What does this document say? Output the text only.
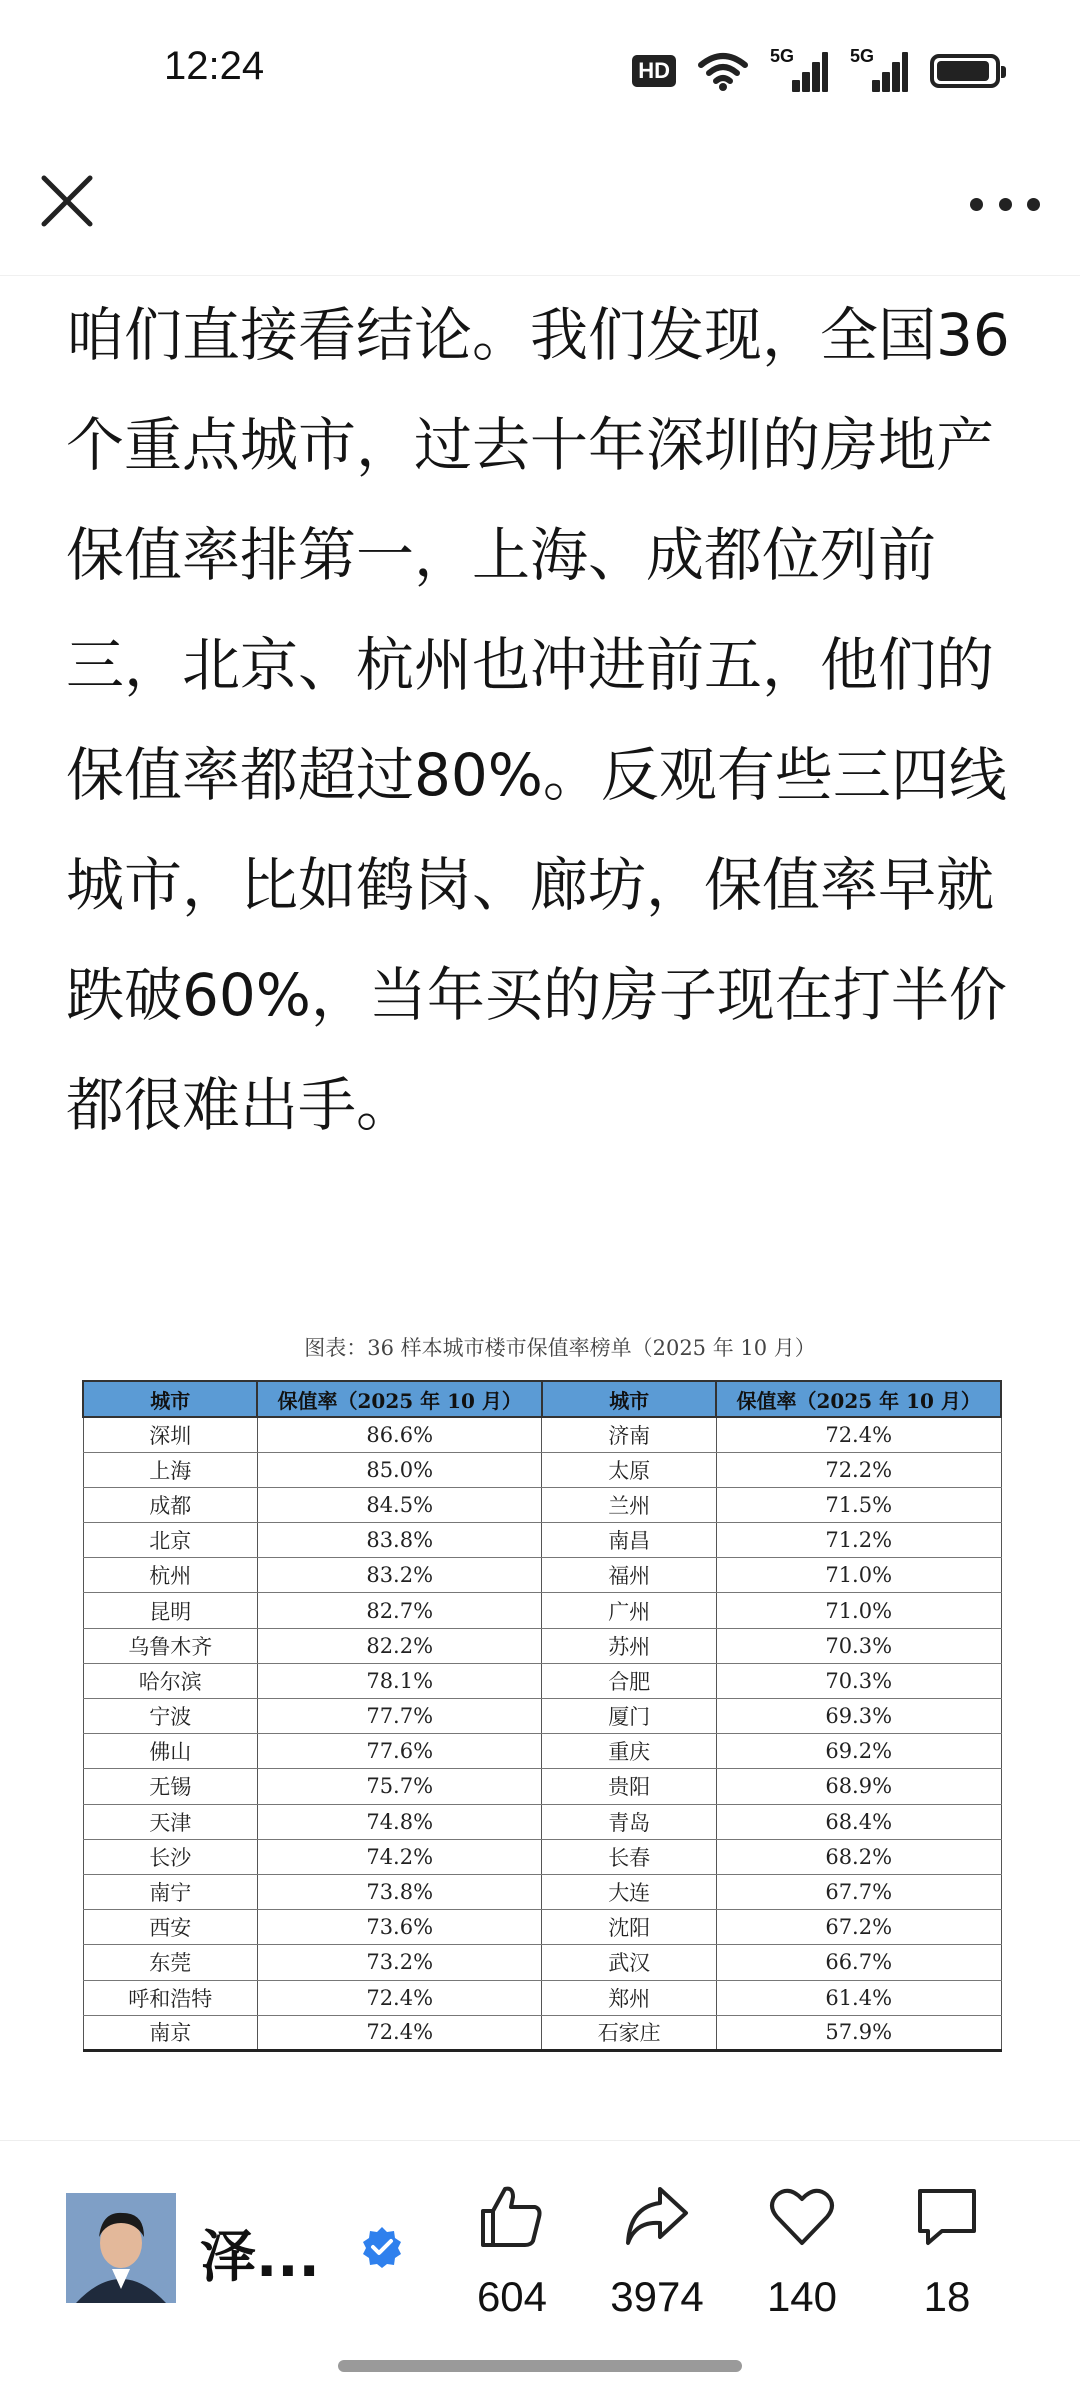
12:24	HD
5G	5G

咱们直接看结论。我们发现，全国36个重点城市，过去十年深圳的房地产保值率排第一，上海、成都位列前三，北京、杭州也冲进前五，他们的保值率都超过80%。反观有些三四线城市，比如鹤岗、廊坊，保值率早就跌破60%，当年买的房子现在打半价都很难出手。

图表：36 样本城市楼市保值率榜单（2025 年 10 月）
城市	保值率（2025 年 10 月）	城市	保值率（2025 年 10 月）
深圳	86.6%	济南	72.4%
上海	85.0%	太原	72.2%
成都	84.5%	兰州	71.5%
北京	83.8%	南昌	71.2%
杭州	83.2%	福州	71.0%
昆明	82.7%	广州	71.0%
乌鲁木齐	82.2%	苏州	70.3%
哈尔滨	78.1%	合肥	70.3%
宁波	77.7%	厦门	69.3%
佛山	77.6%	重庆	69.2%
无锡	75.7%	贵阳	68.9%
天津	74.8%	青岛	68.4%
长沙	74.2%	长春	68.2%
南宁	73.8%	大连	67.7%
西安	73.6%	沈阳	67.2%
东莞	73.2%	武汉	66.7%
呼和浩特	72.4%	郑州	61.4%
南京	72.4%	石家庄	57.9%
泽...
604	3974	140	18
